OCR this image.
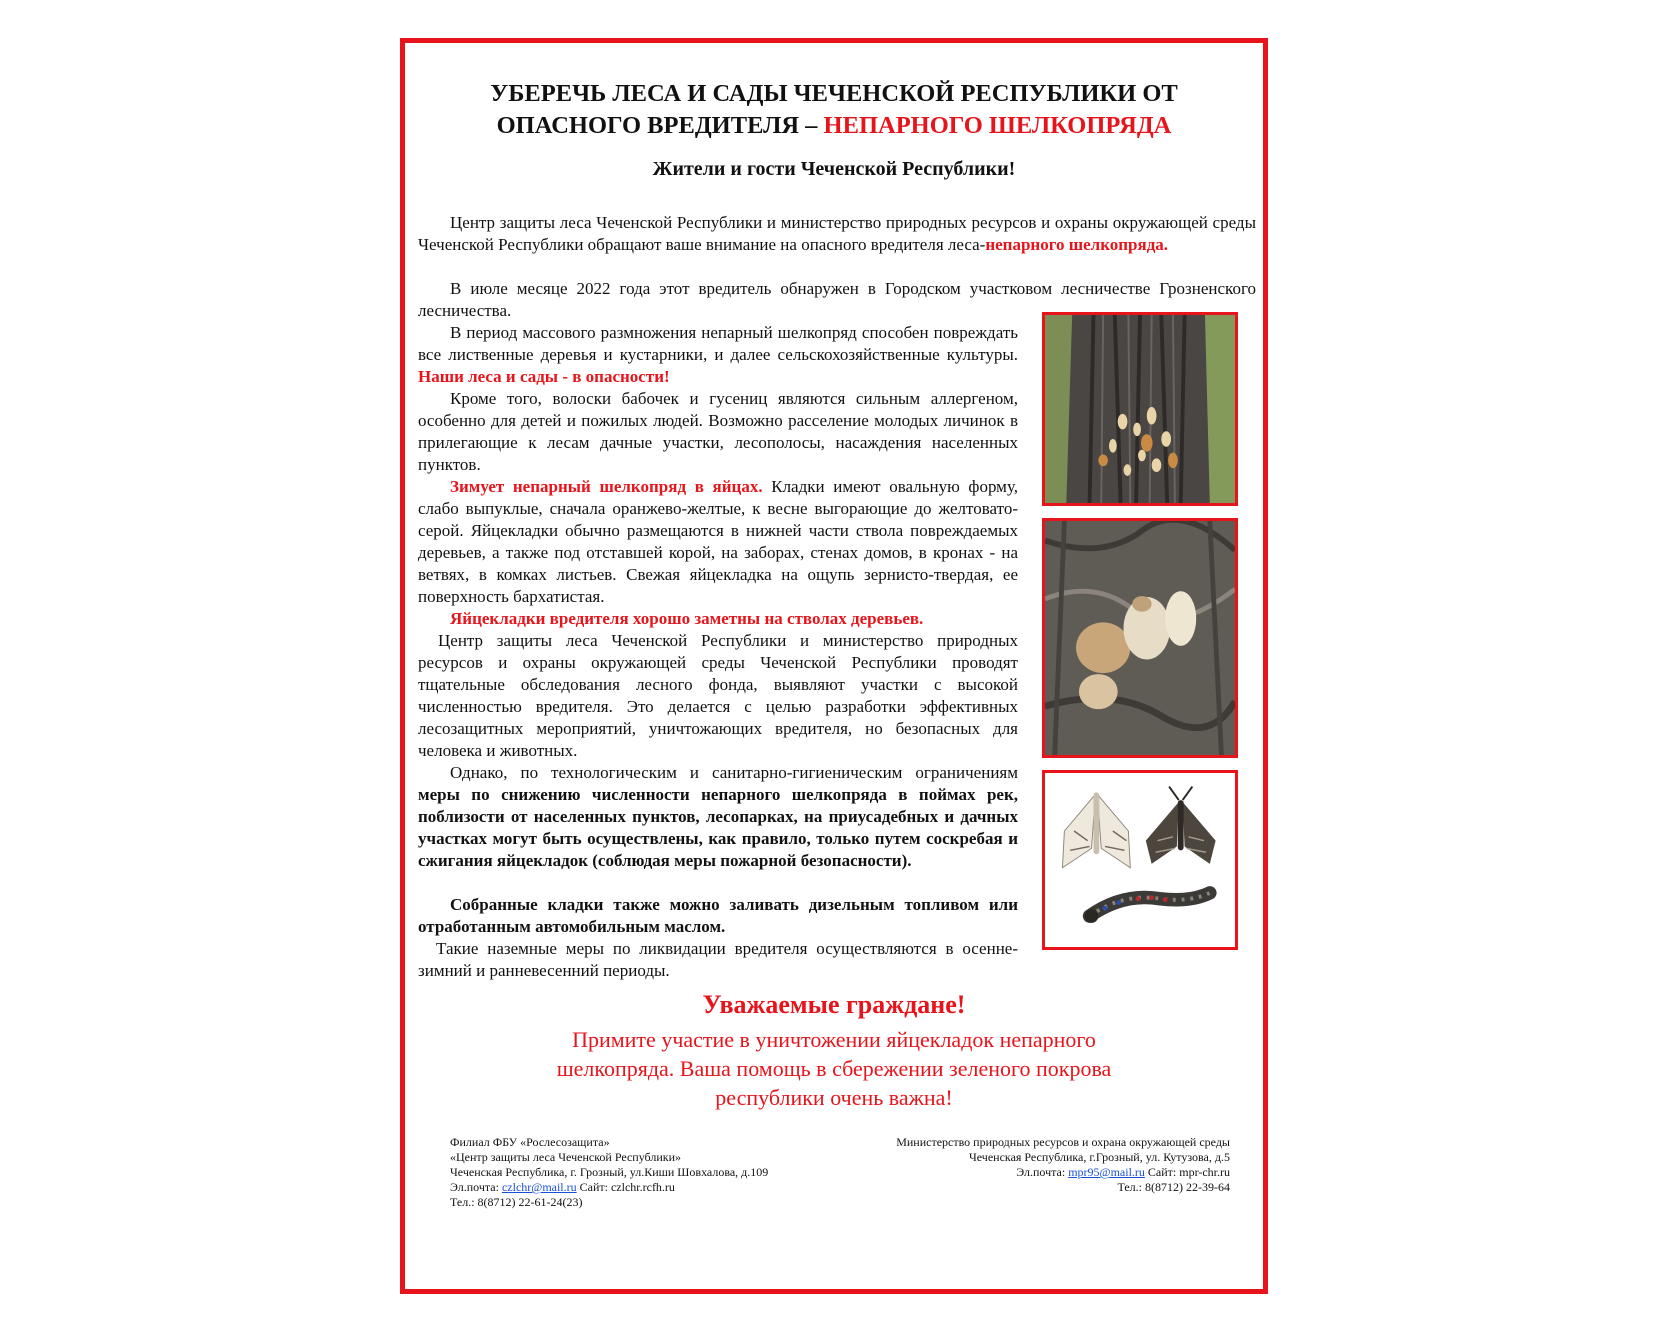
УБЕРЕЧЬ ЛЕСА И САДЫ ЧЕЧЕНСКОЙ РЕСПУБЛИКИ ОТ
ОПАСНОГО ВРЕДИТЕЛЯ – НЕПАРНОГО ШЕЛКОПРЯДА

Жители и гости Чеченской Республики!

Центр защиты леса Чеченской Республики и министерство природных ресурсов и охраны окружающей среды Чеченской Республики обращают ваше внимание на опасного вредителя леса-непарного шелкопряда.

В июле месяце 2022 года этот вредитель обнаружен в Городском участковом лесничестве Грозненского лесничества.

В период массового размножения непарный шелкопряд способен повреждать все лиственные деревья и кустарники, и далее сельскохозяйственные культуры. Наши леса и сады - в опасности!

Кроме того, волоски бабочек и гусениц являются сильным аллергеном, особенно для детей и пожилых людей. Возможно расселение молодых личинок в прилегающие к лесам дачные участки, лесополосы, насаждения населенных пунктов.

Зимует непарный шелкопряд в яйцах. Кладки имеют овальную форму, слабо выпуклые, сначала оранжево-желтые, к весне выгорающие до желтовато-серой. Яйцекладки обычно размещаются в нижней части ствола повреждаемых деревьев, а также под отставшей корой, на заборах, стенах домов, в кронах - на ветвях, в комках листьев. Свежая яйцекладка на ощупь зернисто-твердая, ее поверхность бархатистая.

Яйцекладки вредителя хорошо заметны на стволах деревьев.

Центр защиты леса Чеченской Республики и министерство природных ресурсов и охраны окружающей среды Чеченской Республики проводят тщательные обследования лесного фонда, выявляют участки с высокой численностью вредителя. Это делается с целью разработки эффективных лесозащитных мероприятий, уничтожающих вредителя, но безопасных для человека и животных.

Однако, по технологическим и санитарно-гигиеническим ограничениям меры по снижению численности непарного шелкопряда в поймах рек, поблизости от населенных пунктов, лесопарках, на приусадебных и дачных участках могут быть осуществлены, как правило, только путем соскребая и сжигания яйцекладок (соблюдая меры пожарной безопасности).

Собранные кладки также можно заливать дизельным топливом или отработанным автомобильным маслом.

Такие наземные меры по ликвидации вредителя осуществляются в осенне-зимний и ранневесенний периоды.

Уважаемые граждане!

Примите участие в уничтожении яйцекладок непарного шелкопряда. Ваша помощь в сбережении зеленого покрова республики очень важна!

Филиал ФБУ «Рослесозащита»
«Центр защиты леса Чеченской Республики»
Чеченская Республика, г. Грозный, ул.Киши Шовхалова, д.109
Эл.почта: czlchr@mail.ru Сайт: czlchr.rcfh.ru
Тел.: 8(8712) 22-61-24(23)
Министерство природных ресурсов и охрана окружающей среды
Чеченская Республика, г.Грозный, ул. Кутузова, д.5
Эл.почта: mpr95@mail.ru Сайт: mpr-chr.ru
Тел.: 8(8712) 22-39-64
